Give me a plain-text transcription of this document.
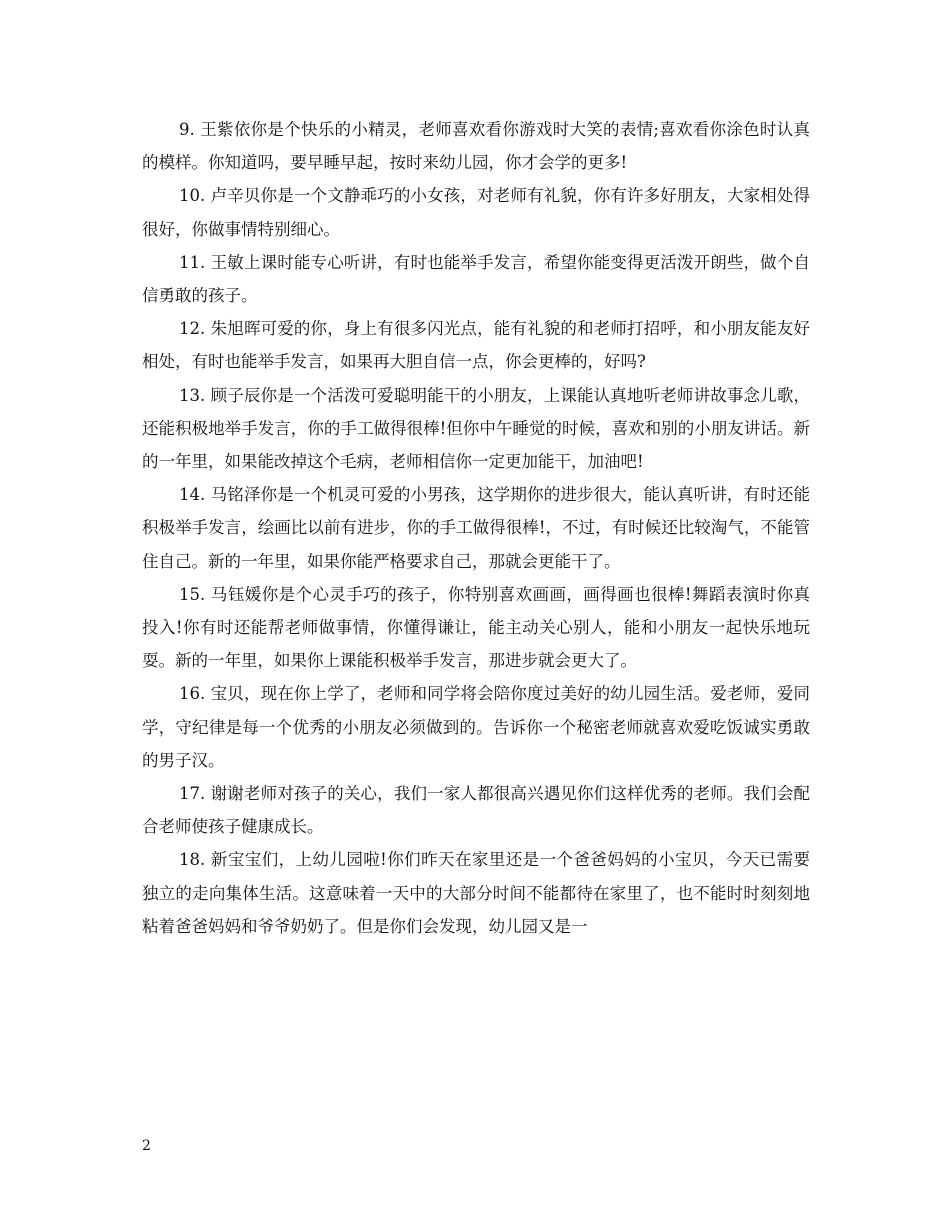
9. 王紫依你是个快乐的小精灵，老师喜欢看你游戏时大笑的表情;喜欢看你涂色时认真的模样。你知道吗，要早睡早起，按时来幼儿园，你才会学的更多!

10. 卢辛贝你是一个文静乖巧的小女孩，对老师有礼貌，你有许多好朋友，大家相处得很好，你做事情特别细心。

11. 王敏上课时能专心听讲，有时也能举手发言，希望你能变得更活泼开朗些，做个自信勇敢的孩子。

12. 朱旭晖可爱的你，身上有很多闪光点，能有礼貌的和老师打招呼，和小朋友能友好相处，有时也能举手发言，如果再大胆自信一点，你会更棒的，好吗?

13. 顾子辰你是一个活泼可爱聪明能干的小朋友，上课能认真地听老师讲故事念儿歌，还能积极地举手发言，你的手工做得很棒!但你中午睡觉的时候，喜欢和别的小朋友讲话。新的一年里，如果能改掉这个毛病，老师相信你一定更加能干，加油吧!

14. 马铭泽你是一个机灵可爱的小男孩，这学期你的进步很大，能认真听讲，有时还能积极举手发言，绘画比以前有进步，你的手工做得很棒!，不过，有时候还比较淘气，不能管住自己。新的一年里，如果你能严格要求自己，那就会更能干了。

15. 马钰媛你是个心灵手巧的孩子，你特别喜欢画画，画得画也很棒!舞蹈表演时你真投入!你有时还能帮老师做事情，你懂得谦让，能主动关心别人，能和小朋友一起快乐地玩耍。新的一年里，如果你上课能积极举手发言，那进步就会更大了。

16. 宝贝，现在你上学了，老师和同学将会陪你度过美好的幼儿园生活。爱老师，爱同学，守纪律是每一个优秀的小朋友必须做到的。告诉你一个秘密老师就喜欢爱吃饭诚实勇敢的男子汉。

17. 谢谢老师对孩子的关心，我们一家人都很高兴遇见你们这样优秀的老师。我们会配合老师使孩子健康成长。

18. 新宝宝们，上幼儿园啦!你们昨天在家里还是一个爸爸妈妈的小宝贝，今天已需要独立的走向集体生活。这意味着一天中的大部分时间不能都待在家里了，也不能时时刻刻地粘着爸爸妈妈和爷爷奶奶了。但是你们会发现，幼儿园又是一

2
